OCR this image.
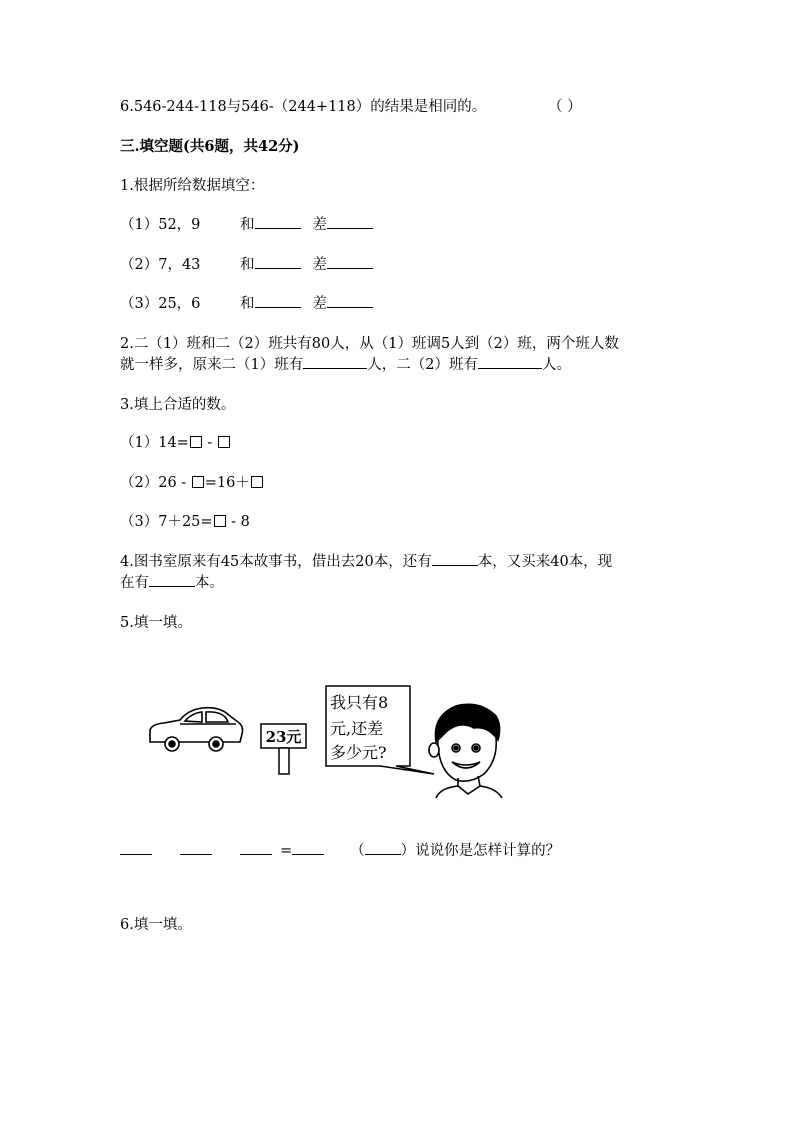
6.546-244-118与546-（244+118）的结果是相同的。	（ ）
三.填空题(共6题，共42分)
1.根据所给数据填空：
（1）52，9	和	差
（2）7，43	和	差
（3）25，6	和	差
2.二（1）班和二（2）班共有80人，从（1）班调5人到（2）班，两个班人数
就一样多，原来二（1）班有	人，二（2）班有	人。
3.填上合适的数。
（1）14= -
（2）26 - =16＋
（3）7＋25= - 8
4.图书室原来有45本故事书，借出去20本，还有	本，又买来40本，现
在有	本。
5.填一填。
23元
我只有8
元,还差
多少元?
=	（ ）说说你是怎样计算的？
6.填一填。
